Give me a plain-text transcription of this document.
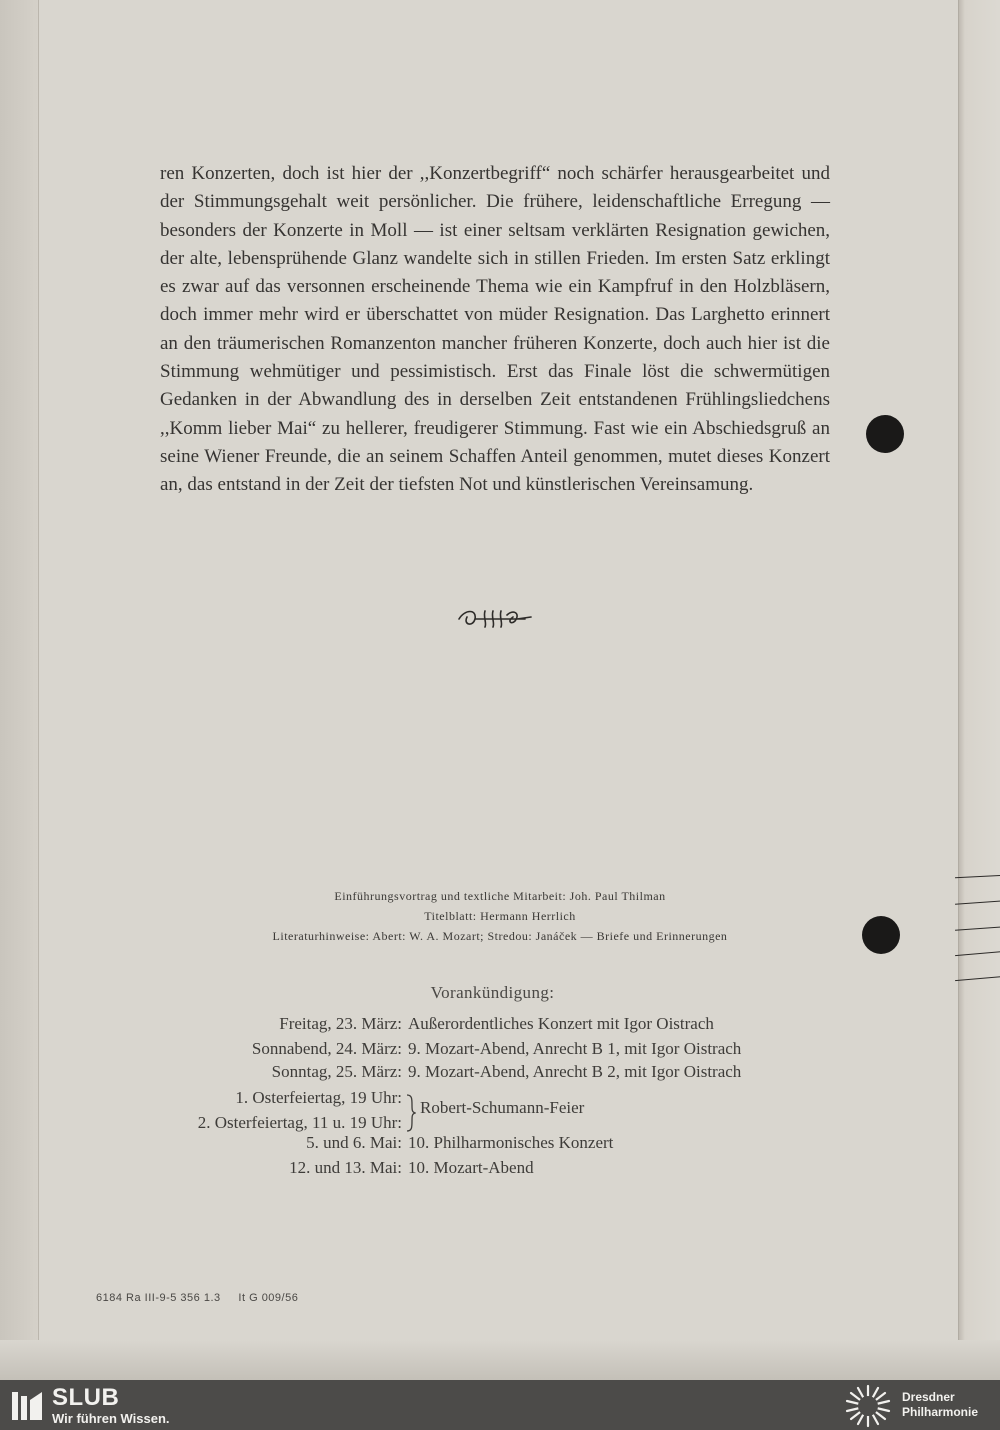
ren Konzerten, doch ist hier der ,,Konzertbegriff“ noch schärfer herausgearbeitet und der Stimmungsgehalt weit persönlicher. Die frühere, leidenschaftliche Erregung — besonders der Konzerte in Moll — ist einer seltsam verklärten Resignation gewichen, der alte, lebensprühende Glanz wandelte sich in stillen Frieden. Im ersten Satz erklingt es zwar auf das versonnen erscheinende Thema wie ein Kampfruf in den Holzbläsern, doch immer mehr wird er überschattet von müder Resignation. Das Larghetto erinnert an den träumerischen Romanzenton mancher früheren Konzerte, doch auch hier ist die Stimmung wehmütiger und pessimistisch. Erst das Finale löst die schwermütigen Gedanken in der Abwandlung des in derselben Zeit entstandenen Frühlingsliedchens ,,Komm lieber Mai“ zu hellerer, freudigerer Stimmung. Fast wie ein Abschiedsgruß an seine Wiener Freunde, die an seinem Schaffen Anteil genommen, mutet dieses Konzert an, das entstand in der Zeit der tiefsten Not und künstlerischen Vereinsamung.

Einführungsvortrag und textliche Mitarbeit: Joh. Paul Thilman
Titelblatt: Hermann Herrlich
Literaturhinweise: Abert: W. A. Mozart; Stredou: Janáček — Briefe und Erinnerungen
Vorankündigung:
Freitag, 23. März: Außerordentliches Konzert mit Igor Oistrach
Sonnabend, 24. März: 9. Mozart-Abend, Anrecht B 1, mit Igor Oistrach
Sonntag, 25. März: 9. Mozart-Abend, Anrecht B 2, mit Igor Oistrach
1. Osterfeiertag, 19 Uhr:
2. Osterfeiertag, 11 u. 19 Uhr:
Robert-Schumann-Feier
5. und 6. Mai: 10. Philharmonisches Konzert
12. und 13. Mai: 10. Mozart-Abend
6184 Ra III-9-5 356 1.3     It G 009/56
SLUB
Wir führen Wissen.
Dresdner
Philharmonie
